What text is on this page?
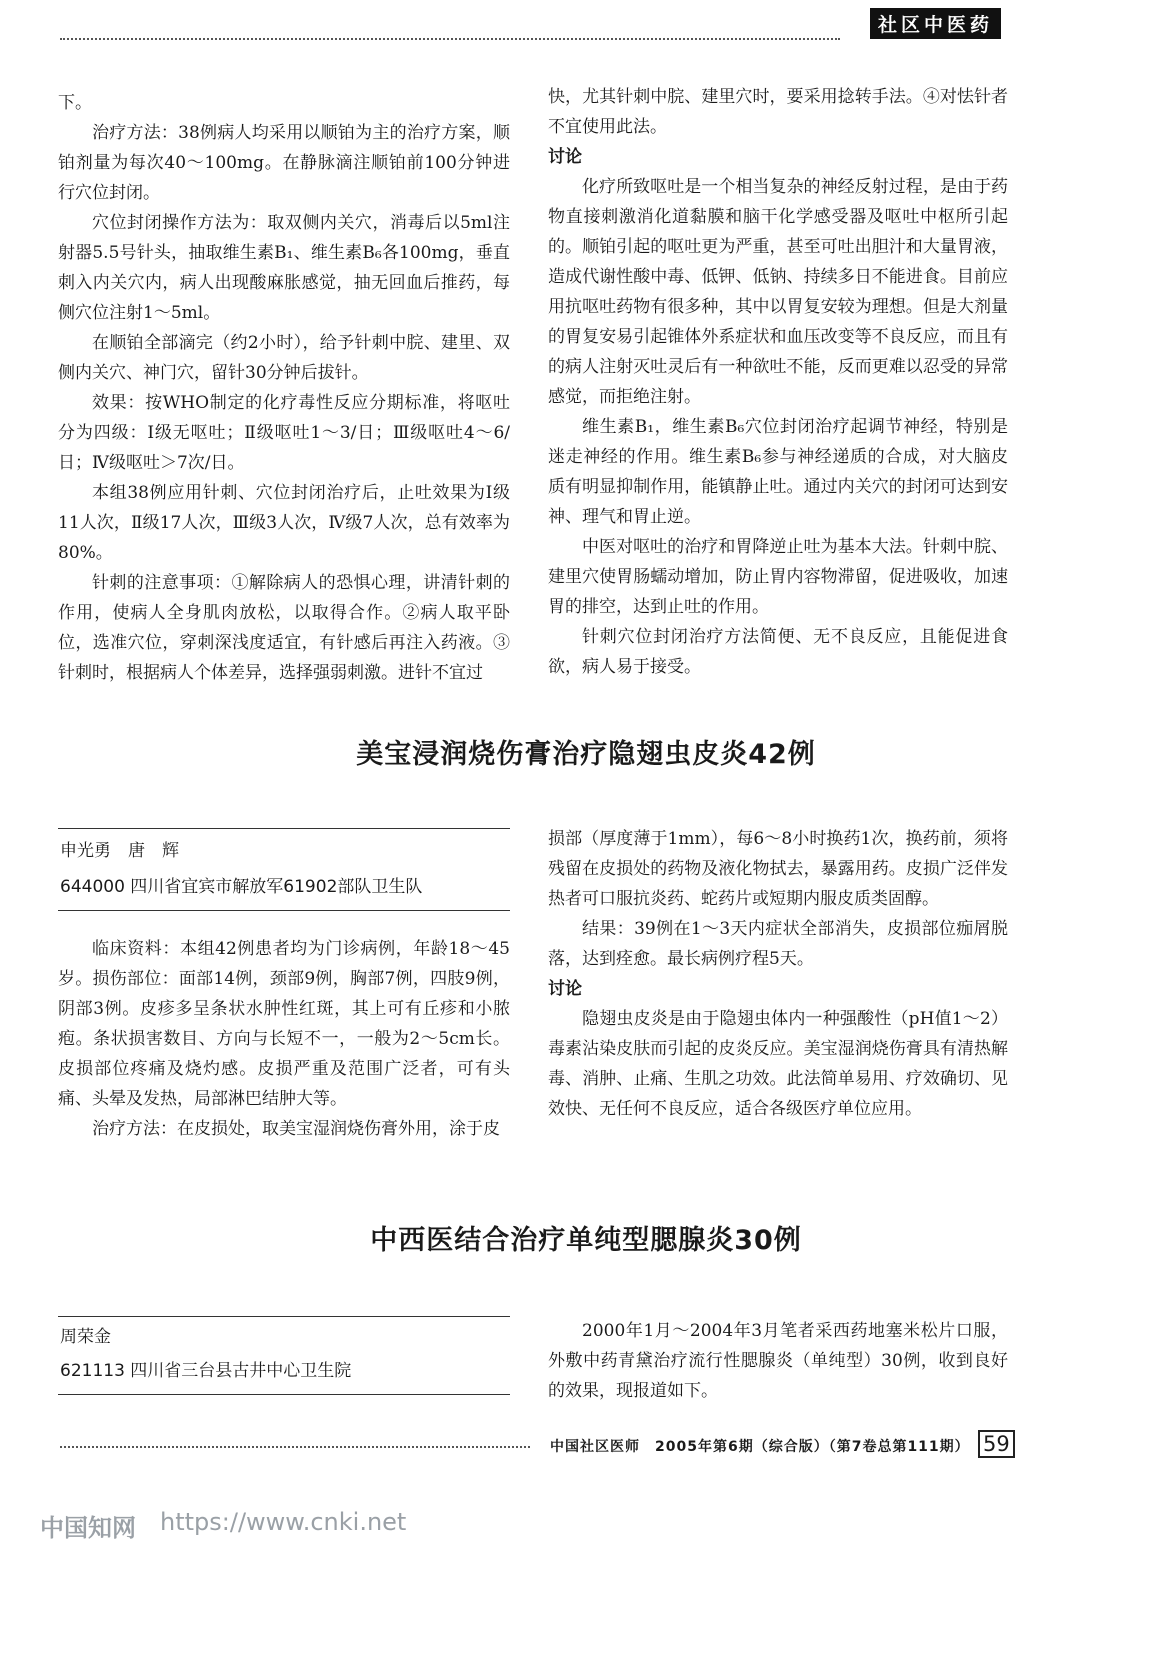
社区中医药

下。

治疗方法：38例病人均采用以顺铂为主的治疗方案，顺铂剂量为每次40～100mg。在静脉滴注顺铂前100分钟进行穴位封闭。

穴位封闭操作方法为：取双侧内关穴，消毒后以5ml注射器5.5号针头，抽取维生素B₁、维生素B₆各100mg，垂直刺入内关穴内，病人出现酸麻胀感觉，抽无回血后推药，每侧穴位注射1～5ml。

在顺铂全部滴完（约2小时），给予针刺中脘、建里、双侧内关穴、神门穴，留针30分钟后拔针。

效果：按WHO制定的化疗毒性反应分期标准，将呕吐分为四级：Ⅰ级无呕吐；Ⅱ级呕吐1～3/日；Ⅲ级呕吐4～6/日；Ⅳ级呕吐＞7次/日。

本组38例应用针刺、穴位封闭治疗后，止吐效果为Ⅰ级11人次，Ⅱ级17人次，Ⅲ级3人次，Ⅳ级7人次，总有效率为80%。

针刺的注意事项：①解除病人的恐惧心理，讲清针刺的作用，使病人全身肌肉放松，以取得合作。②病人取平卧位，选准穴位，穿刺深浅度适宜，有针感后再注入药液。③针刺时，根据病人个体差异，选择强弱刺激。进针不宜过

快，尤其针刺中脘、建里穴时，要采用捻转手法。④对怯针者不宜使用此法。

讨论

化疗所致呕吐是一个相当复杂的神经反射过程，是由于药物直接刺激消化道黏膜和脑干化学感受器及呕吐中枢所引起的。顺铂引起的呕吐更为严重，甚至可吐出胆汁和大量胃液，造成代谢性酸中毒、低钾、低钠、持续多日不能进食。目前应用抗呕吐药物有很多种，其中以胃复安较为理想。但是大剂量的胃复安易引起锥体外系症状和血压改变等不良反应，而且有的病人注射灭吐灵后有一种欲吐不能，反而更难以忍受的异常感觉，而拒绝注射。

维生素B₁，维生素B₆穴位封闭治疗起调节神经，特别是迷走神经的作用。维生素B₆参与神经递质的合成，对大脑皮质有明显抑制作用，能镇静止吐。通过内关穴的封闭可达到安神、理气和胃止逆。

中医对呕吐的治疗和胃降逆止吐为基本大法。针刺中脘、建里穴使胃肠蠕动增加，防止胃内容物滞留，促进吸收，加速胃的排空，达到止吐的作用。

针刺穴位封闭治疗方法简便、无不良反应，且能促进食欲，病人易于接受。

美宝浸润烧伤膏治疗隐翅虫皮炎42例
申光勇　唐　辉
644000 四川省宜宾市解放军61902部队卫生队

临床资料：本组42例患者均为门诊病例，年龄18～45岁。损伤部位：面部14例，颈部9例，胸部7例，四肢9例，阴部3例。皮疹多呈条状水肿性红斑，其上可有丘疹和小脓疱。条状损害数目、方向与长短不一，一般为2～5cm长。皮损部位疼痛及烧灼感。皮损严重及范围广泛者，可有头痛、头晕及发热，局部淋巴结肿大等。

治疗方法：在皮损处，取美宝湿润烧伤膏外用，涂于皮

损部（厚度薄于1mm），每6～8小时换药1次，换药前，须将残留在皮损处的药物及液化物拭去，暴露用药。皮损广泛伴发热者可口服抗炎药、蛇药片或短期内服皮质类固醇。

结果：39例在1～3天内症状全部消失，皮损部位痂屑脱落，达到痊愈。最长病例疗程5天。

讨论

隐翅虫皮炎是由于隐翅虫体内一种强酸性（pH值1～2）毒素沾染皮肤而引起的皮炎反应。美宝湿润烧伤膏具有清热解毒、消肿、止痛、生肌之功效。此法简单易用、疗效确切、见效快、无任何不良反应，适合各级医疗单位应用。

中西医结合治疗单纯型腮腺炎30例
周荣金
621113 四川省三台县古井中心卫生院

2000年1月～2004年3月笔者采西药地塞米松片口服，外敷中药青黛治疗流行性腮腺炎（单纯型）30例，收到良好的效果，现报道如下。

中国社区医师　2005年第6期（综合版）（第7卷总第111期） 59
中国知网 https://www.cnki.net
